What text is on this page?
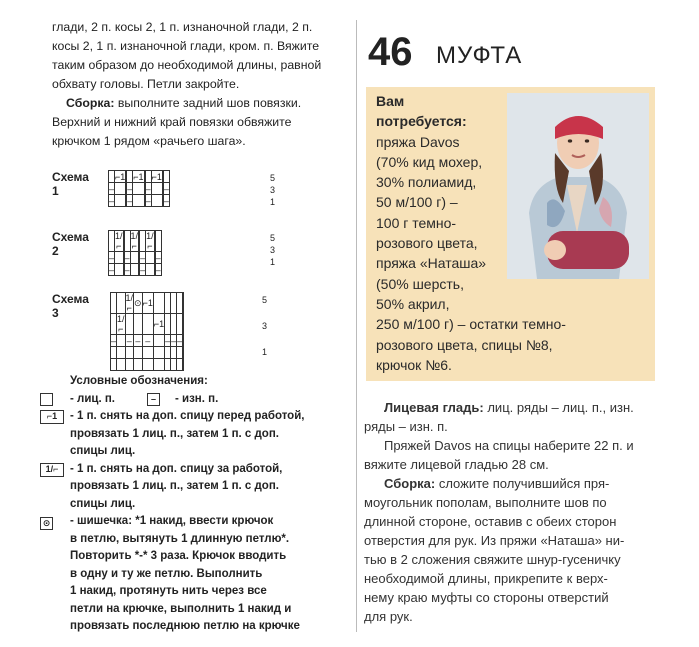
глади, 2 п. косы 2, 1 п. изнаночной глади, 2 п.

косы 2, 1 п. изнаночной глади, кром. п. Вяжите

таким образом до необходимой длины, равной

обхвату головы. Петли закройте.

Сборка: выполните задний шов повязки.

Верхний и нижний край повязки обвяжите

крючком 1 рядом «рачьего шага».

Схема 1
	⌐1			⌐1			⌐1		
–			–			–			–
–			–			–			–
5
3
1
Схема 2
	1/⌐			1/⌐			1/⌐		
–			–			–			–
–			–			–			–
5
3
1
Схема 3
		1/⌐	⊙	⌐1					
	1/⌐				⌐1				
–		–	–	–		–	–	–	

5

3

1
Условные обозначения:
- лиц. п.	–	- изн. п.
⌐1	- 1 п. снять на доп. спицу перед работой,
провязать 1 лиц. п., затем 1 п. с доп.
спицы лиц.
1/⌐	- 1 п. снять на доп. спицу за работой,
провязать 1 лиц. п., затем 1 п. с доп.
спицы лиц.
⊙ - шишечка: *1 накид, ввести крючок
в петлю, вытянуть 1 длинную петлю*.
Повторить *-* 3 раза. Крючок вводить
в одну и ту же петлю. Выполнить
1 накид, протянуть нить через все
петли на крючке, выполнить 1 накид и
провязать последнюю петлю на крючке
46 МУФТА
Вам
потребуется:
пряжа Davos
(70% кид мохер,
30% полиамид,
50 м/100 г) –
100 г темно-
розового цвета,
пряжа «Наташа»
(50% шерсть,
50% акрил,
250 м/100 г) – остатки темно-
розового цвета, спицы №8,
крючок №6.

Лицевая гладь: лиц. ряды – лиц. п., изн.

ряды – изн. п.

Пряжей Davos на спицы наберите 22 п. и

вяжите лицевой гладью 28 см.

Сборка: сложите получившийся пря-

моугольник пополам, выполните шов по

длинной стороне, оставив с обеих сторон

отверстия для рук. Из пряжи «Наташа» ни-

тью в 2 сложения свяжите шнур-гусеничку

необходимой длины, прикрепите к верх-

нему краю муфты со стороны отверстий

для рук.
